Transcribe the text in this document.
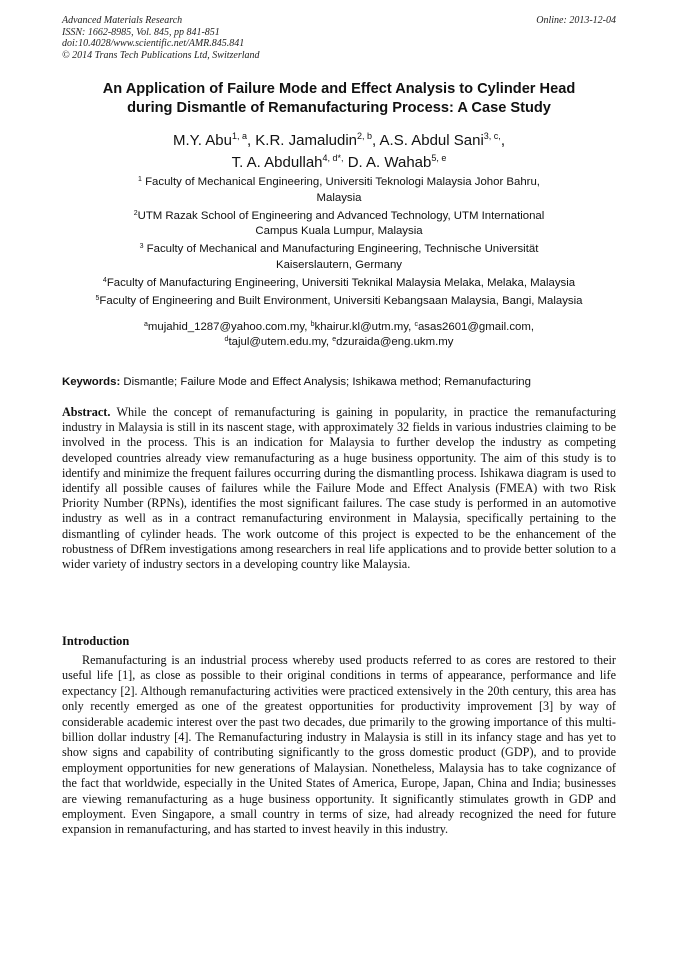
Advanced Materials Research
ISSN: 1662-8985, Vol. 845, pp 841-851
doi:10.4028/www.scientific.net/AMR.845.841
© 2014 Trans Tech Publications Ltd, Switzerland
Online: 2013-12-04
An Application of Failure Mode and Effect Analysis to Cylinder Head
during Dismantle of Remanufacturing Process: A Case Study
M.Y. Abu$^{1, a}$, K.R. Jamaludin$^{2, b}$, A.S. Abdul Sani$^{3, c,}$,
T. A. Abdullah$^{4, d*,}$ D. A. Wahab$^{5, e}$
$^1$ Faculty of Mechanical Engineering, Universiti Teknologi Malaysia Johor Bahru,
Malaysia
$^2$UTM Razak School of Engineering and Advanced Technology, UTM International
Campus Kuala Lumpur, Malaysia
$^3$ Faculty of Mechanical and Manufacturing Engineering, Technische Universität
Kaiserslautern, Germany
$^4$Faculty of Manufacturing Engineering, Universiti Teknikal Malaysia Melaka, Melaka, Malaysia
$^5$Faculty of Engineering and Built Environment, Universiti Kebangsaan Malaysia, Bangi, Malaysia
$^a$mujahid_1287@yahoo.com.my, $^b$khairur.kl@utm.my, $^c$asas2601@gmail.com,
$^d$tajul@utem.edu.my, $^e$dzuraida@eng.ukm.my
Keywords: Dismantle; Failure Mode and Effect Analysis; Ishikawa method; Remanufacturing
Abstract. While the concept of remanufacturing is gaining in popularity, in practice the remanufacturing industry in Malaysia is still in its nascent stage, with approximately 32 fields in various industries claiming to be involved in the process. This is an indication for Malaysia to further develop the industry as competing developed countries already view remanufacturing as a huge business opportunity. The aim of this study is to identify and minimize the frequent failures occurring during the dismantling process. Ishikawa diagram is used to identify all possible causes of failures while the Failure Mode and Effect Analysis (FMEA) with two Risk Priority Number (RPNs), identifies the most significant failures. The case study is performed in an automotive industry as well as in a contract remanufacturing environment in Malaysia, specifically pertaining to the dismantling of cylinder heads. The work outcome of this project is expected to be the enhancement of the robustness of DfRem investigations among researchers in real life applications and to provide better solution to a wider variety of industry sectors in a developing country like Malaysia.
Introduction

Remanufacturing is an industrial process whereby used products referred to as cores are restored to their useful life [1], as close as possible to their original conditions in terms of appearance, performance and life expectancy [2]. Although remanufacturing activities were practiced extensively in the 20th century, this area has only recently emerged as one of the greatest opportunities for productivity improvement [3] by way of considerable academic interest over the past two decades, due primarily to the growing importance of this multi-billion dollar industry [4]. The Remanufacturing industry in Malaysia is still in its infancy stage and has yet to show signs and capability of contributing significantly to the gross domestic product (GDP), and to provide employment opportunities for new generations of Malaysian. Nonetheless, Malaysia has to take cognizance of the fact that worldwide, especially in the United States of America, Europe, Japan, China and India; businesses are viewing remanufacturing as a huge business opportunity. It significantly stimulates growth in GDP and employment. Even Singapore, a small country in terms of size, had already recognized the need for future expansion in remanufacturing, and has started to invest heavily in this industry.
